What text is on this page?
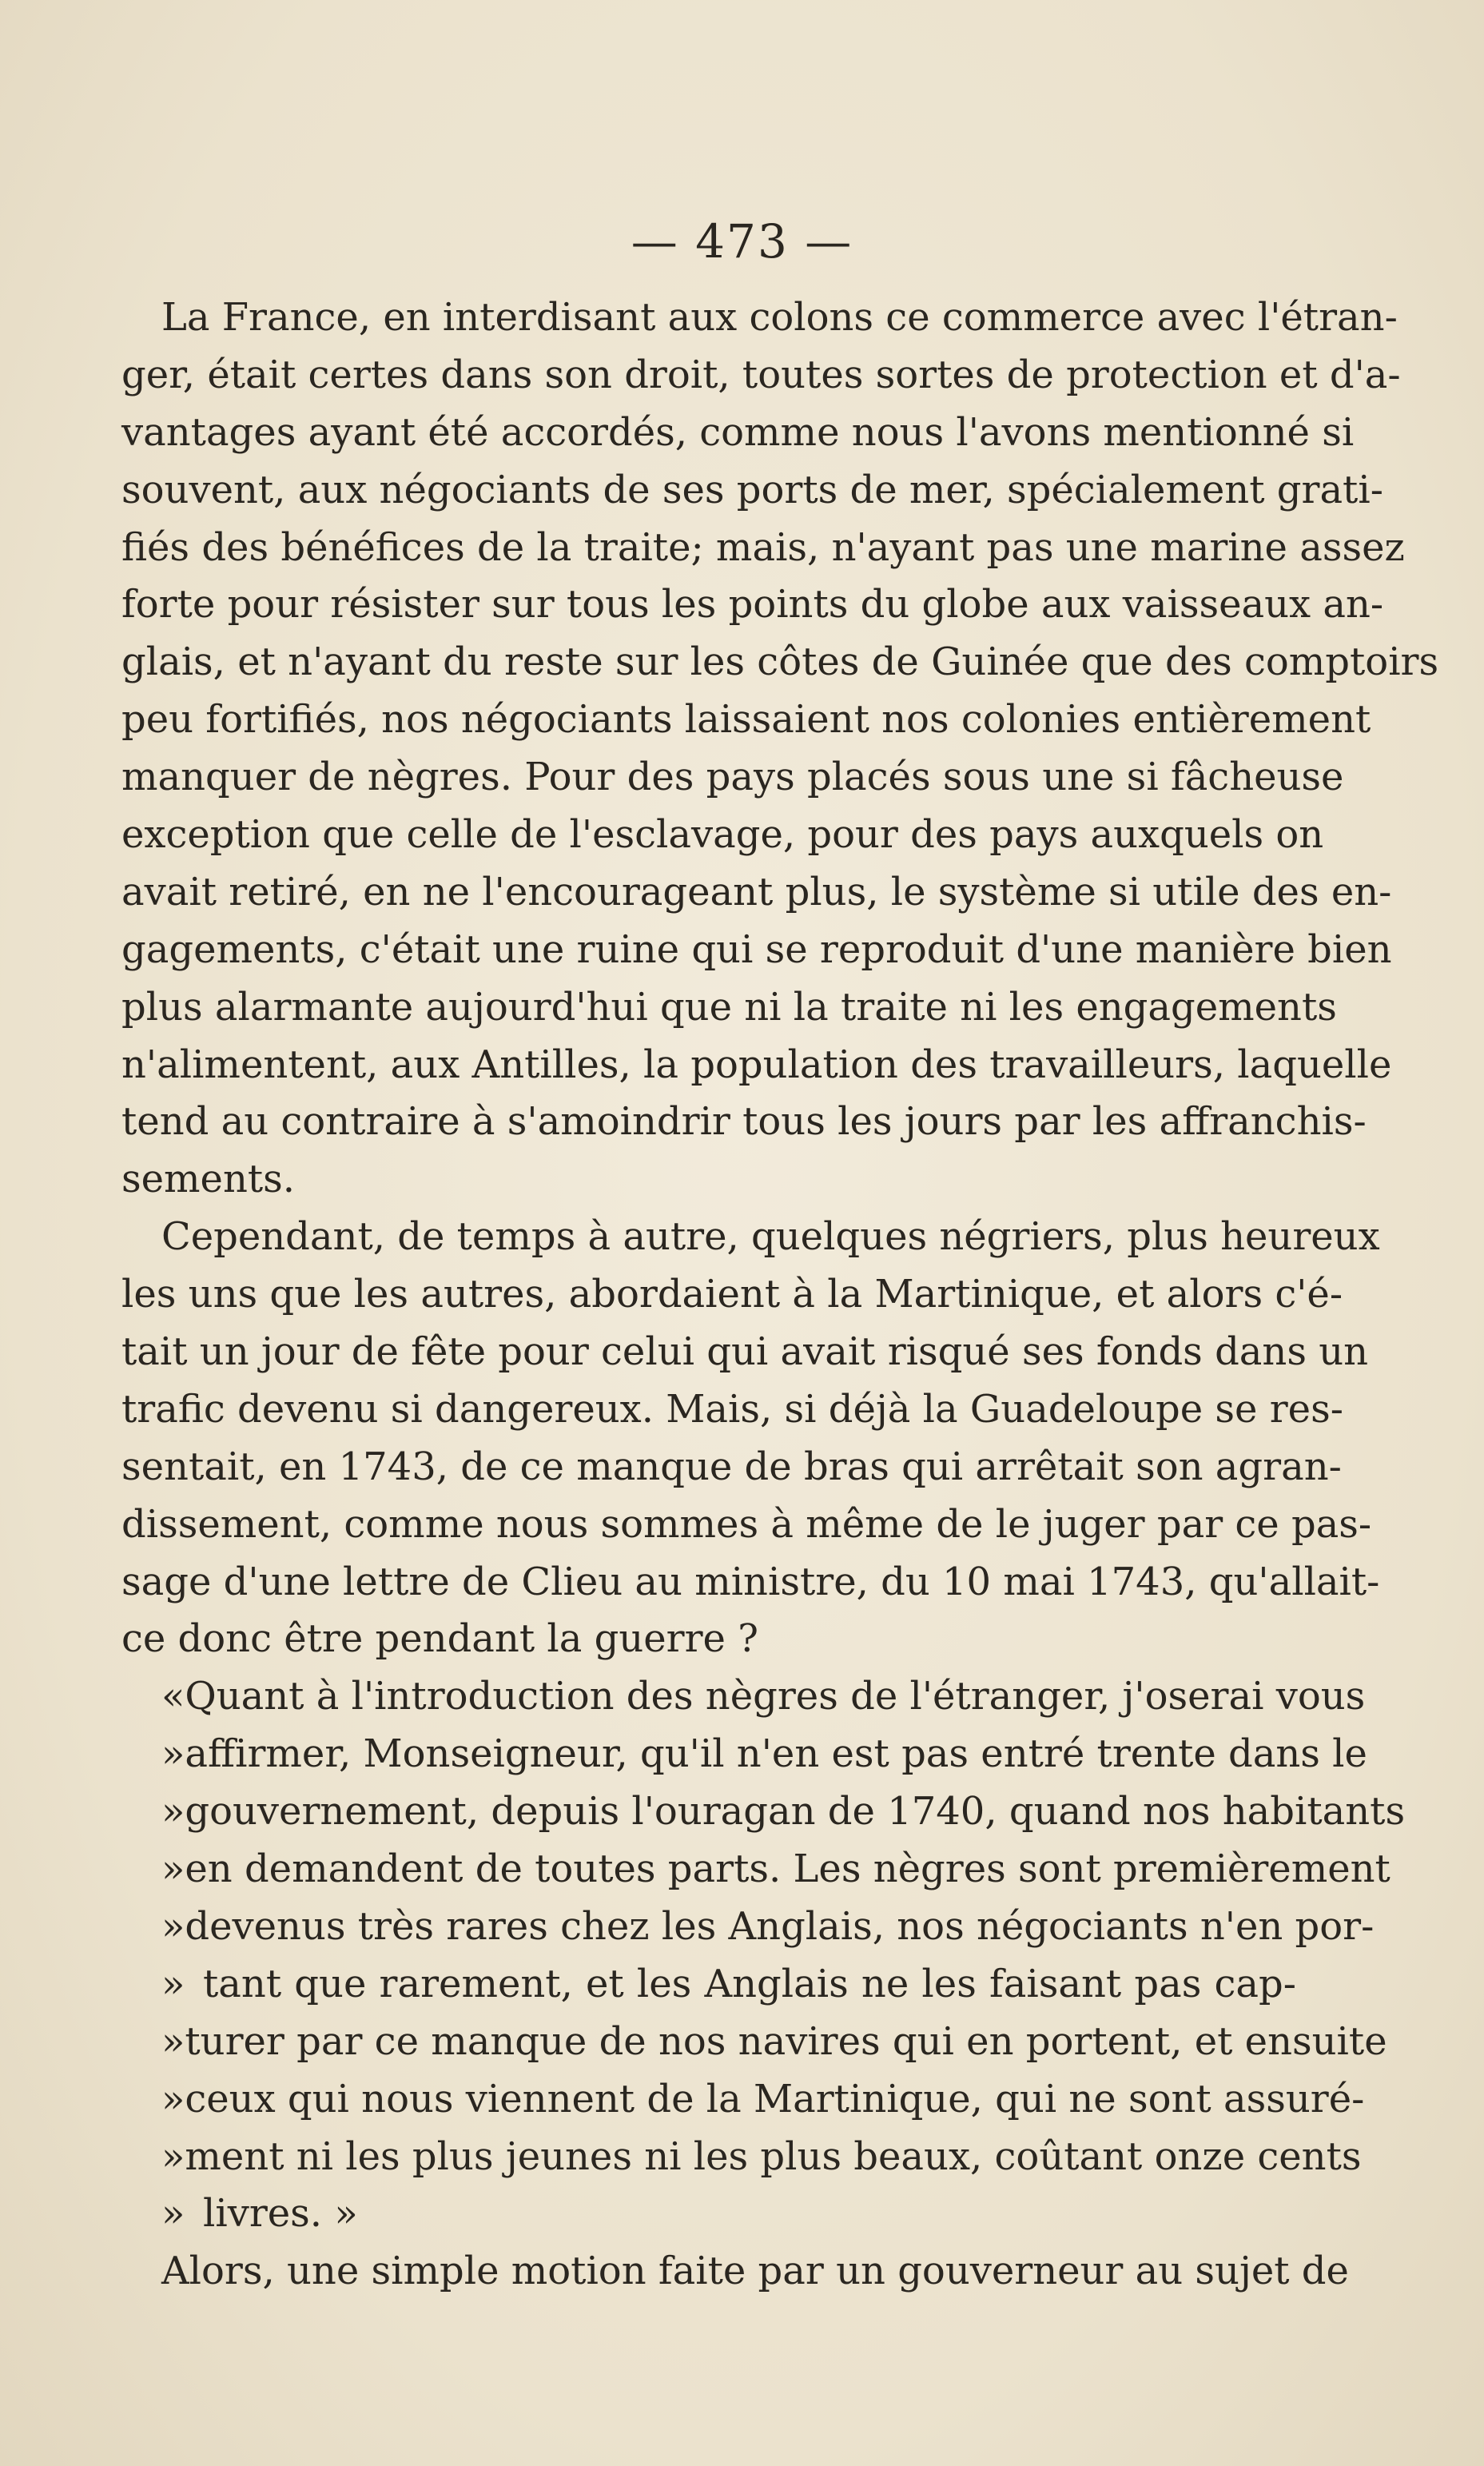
— 473 —
La France, en interdisant aux colons ce commerce avec l'étran-
ger, était certes dans son droit, toutes sortes de protection et d'a-
vantages ayant été accordés, comme nous l'avons mentionné si
souvent, aux négociants de ses ports de mer, spécialement grati-
fiés des bénéfices de la traite; mais, n'ayant pas une marine assez
forte pour résister sur tous les points du globe aux vaisseaux an-
glais, et n'ayant du reste sur les côtes de Guinée que des comptoirs
peu fortifiés, nos négociants laissaient nos colonies entièrement
manquer de nègres. Pour des pays placés sous une si fâcheuse
exception que celle de l'esclavage, pour des pays auxquels on
avait retiré, en ne l'encourageant plus, le système si utile des en-
gagements, c'était une ruine qui se reproduit d'une manière bien
plus alarmante aujourd'hui que ni la traite ni les engagements
n'alimentent, aux Antilles, la population des travailleurs, laquelle
tend au contraire à s'amoindrir tous les jours par les affranchis-
sements.
Cependant, de temps à autre, quelques négriers, plus heureux
les uns que les autres, abordaient à la Martinique, et alors c'é-
tait un jour de fête pour celui qui avait risqué ses fonds dans un
trafic devenu si dangereux. Mais, si déjà la Guadeloupe se res-
sentait, en 1743, de ce manque de bras qui arrêtait son agran-
dissement, comme nous sommes à même de le juger par ce pas-
sage d'une lettre de Clieu au ministre, du 10 mai 1743, qu'allait-
ce donc être pendant la guerre ?
« Quant à l'introduction des nègres de l'étranger, j'oserai vous
» affirmer, Monseigneur, qu'il n'en est pas entré trente dans le
» gouvernement, depuis l'ouragan de 1740, quand nos habitants
» en demandent de toutes parts. Les nègres sont premièrement
» devenus très rares chez les Anglais, nos négociants n'en por-
» tant que rarement, et les Anglais ne les faisant pas cap-
» turer par ce manque de nos navires qui en portent, et ensuite
» ceux qui nous viennent de la Martinique, qui ne sont assuré-
» ment ni les plus jeunes ni les plus beaux, coûtant onze cents
» livres. »
Alors, une simple motion faite par un gouverneur au sujet de
